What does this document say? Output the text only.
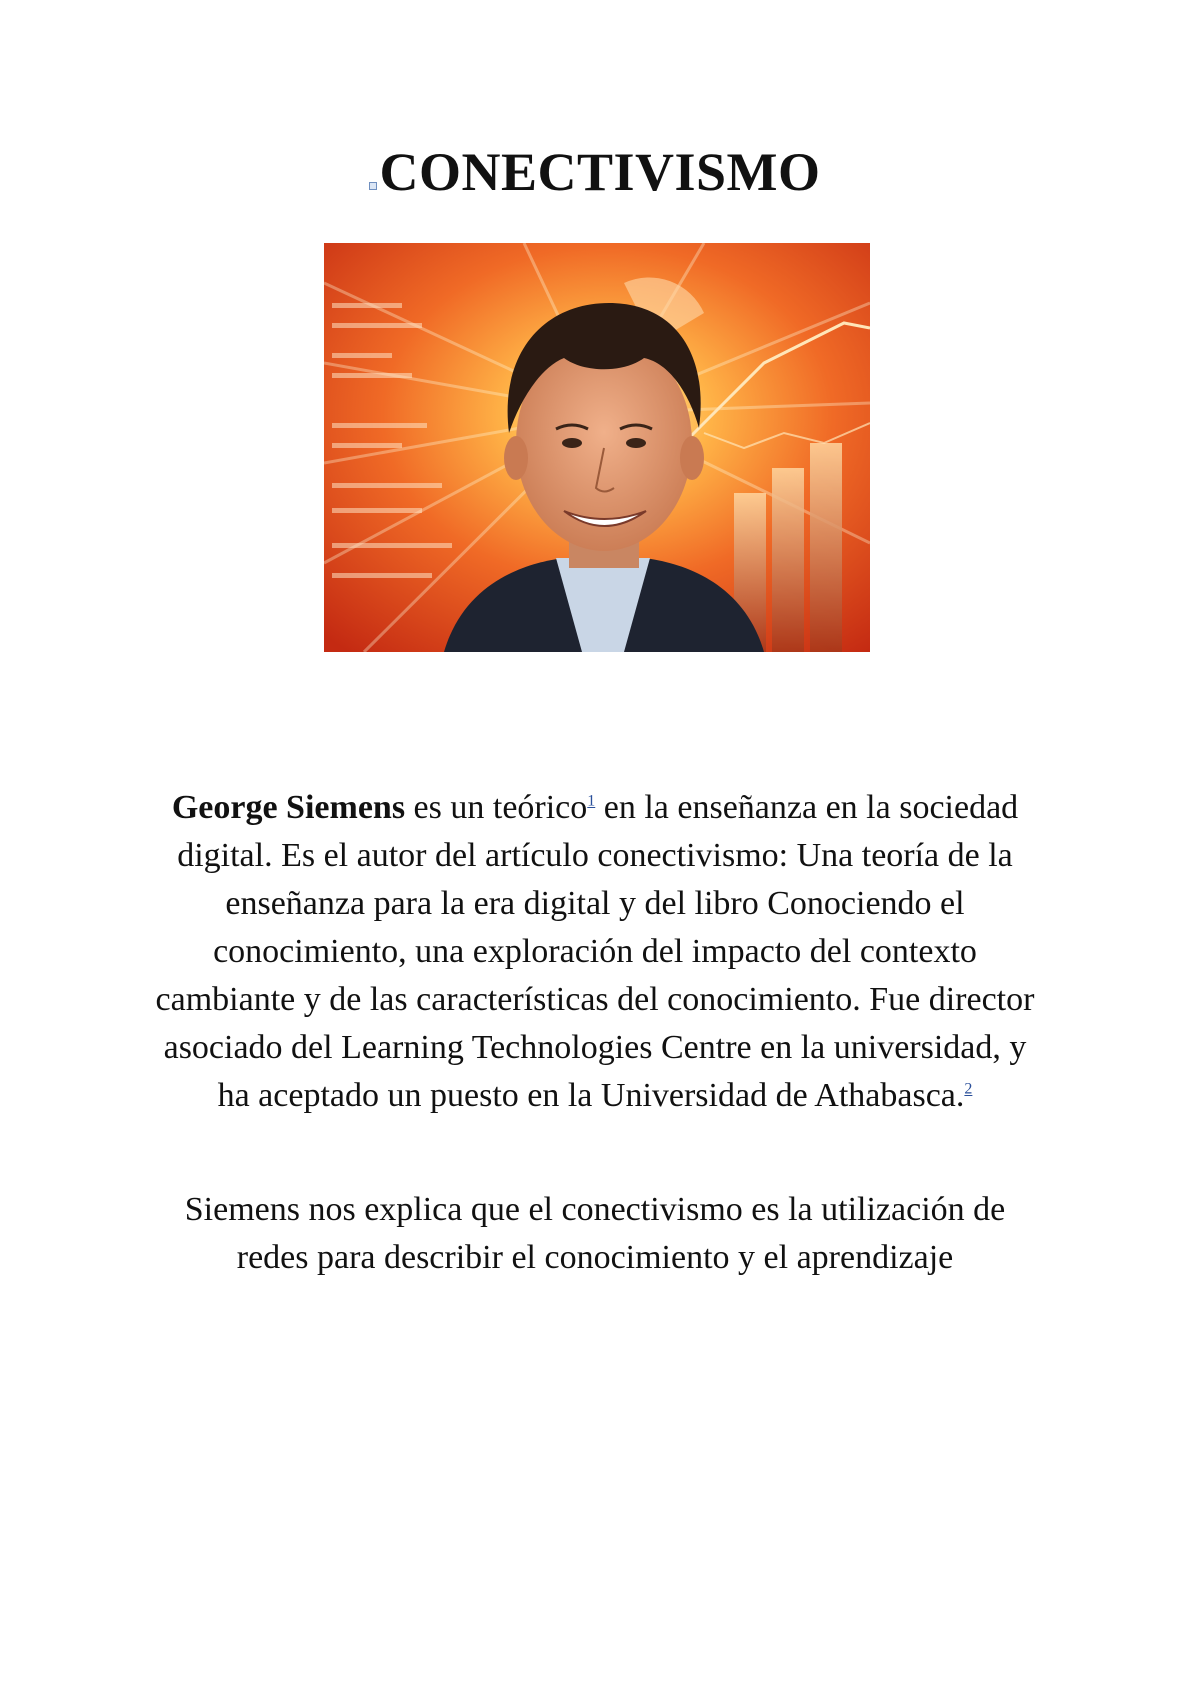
CONECTIVISMO

George Siemens es un teórico$^1$ en la enseñanza en la sociedad digital. Es el autor del artículo conectivismo: Una teoría de la enseñanza para la era digital y del libro Conociendo el conocimiento, una exploración del impacto del contexto cambiante y de las características del conocimiento. Fue director asociado del Learning Technologies Centre en la universidad, y ha aceptado un puesto en la Universidad de Athabasca.$^2$

Siemens nos explica que el conectivismo es la utilización de redes para describir el conocimiento y el aprendizaje
